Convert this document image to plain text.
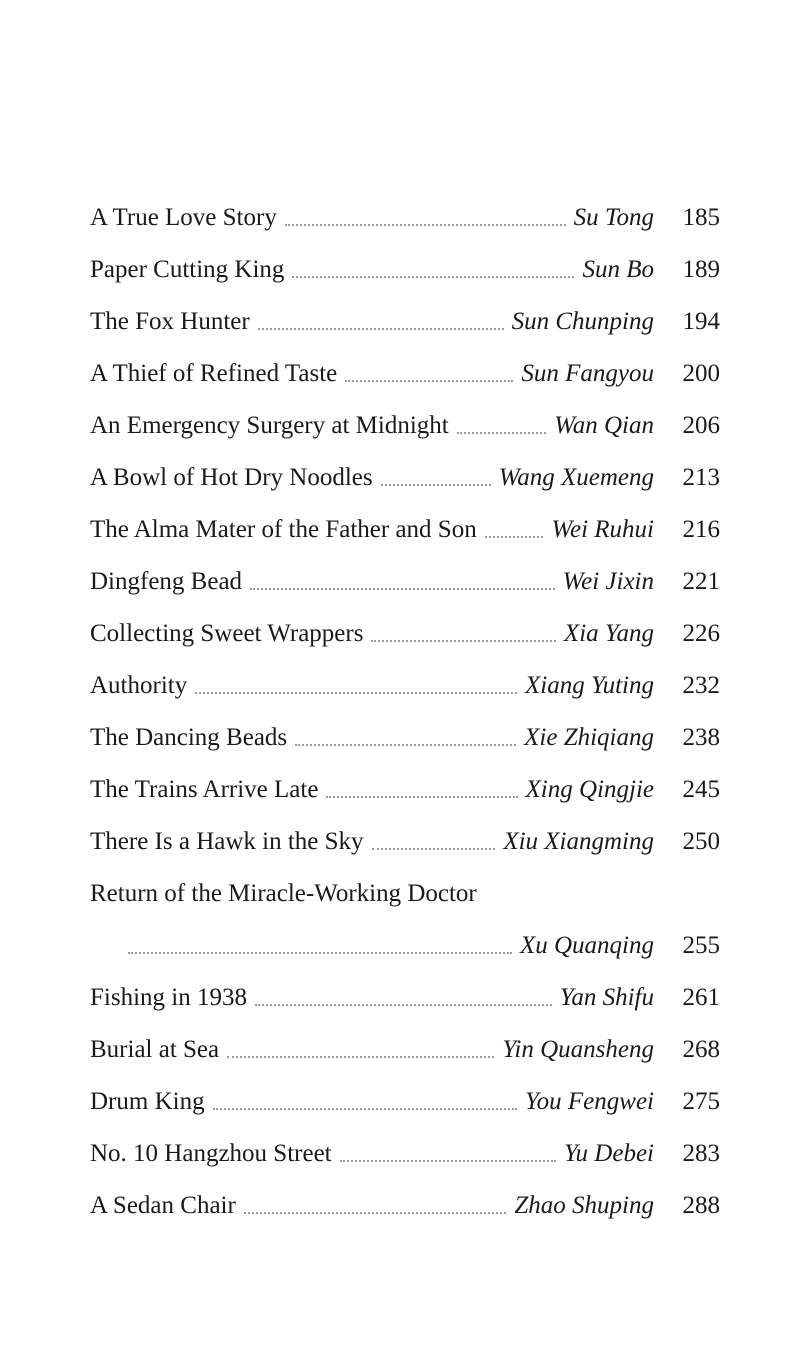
A True Love Story	Su Tong	185
Paper Cutting King	Sun Bo	189
The Fox Hunter	Sun Chunping	194
A Thief of Refined Taste	Sun Fangyou	200
An Emergency Surgery at Midnight	Wan Qian	206
A Bowl of Hot Dry Noodles	Wang Xuemeng	213
The Alma Mater of the Father and Son	Wei Ruhui	216
Dingfeng Bead	Wei Jixin	221
Collecting Sweet Wrappers	Xia Yang	226
Authority	Xiang Yuting	232
The Dancing Beads	Xie Zhiqiang	238
The Trains Arrive Late	Xing Qingjie	245
There Is a Hawk in the Sky	Xiu Xiangming	250
Return of the Miracle-Working Doctor
Xu Quanqing	255
Fishing in 1938	Yan Shifu	261
Burial at Sea	Yin Quansheng	268
Drum King	You Fengwei	275
No. 10 Hangzhou Street	Yu Debei	283
A Sedan Chair	Zhao Shuping	288
